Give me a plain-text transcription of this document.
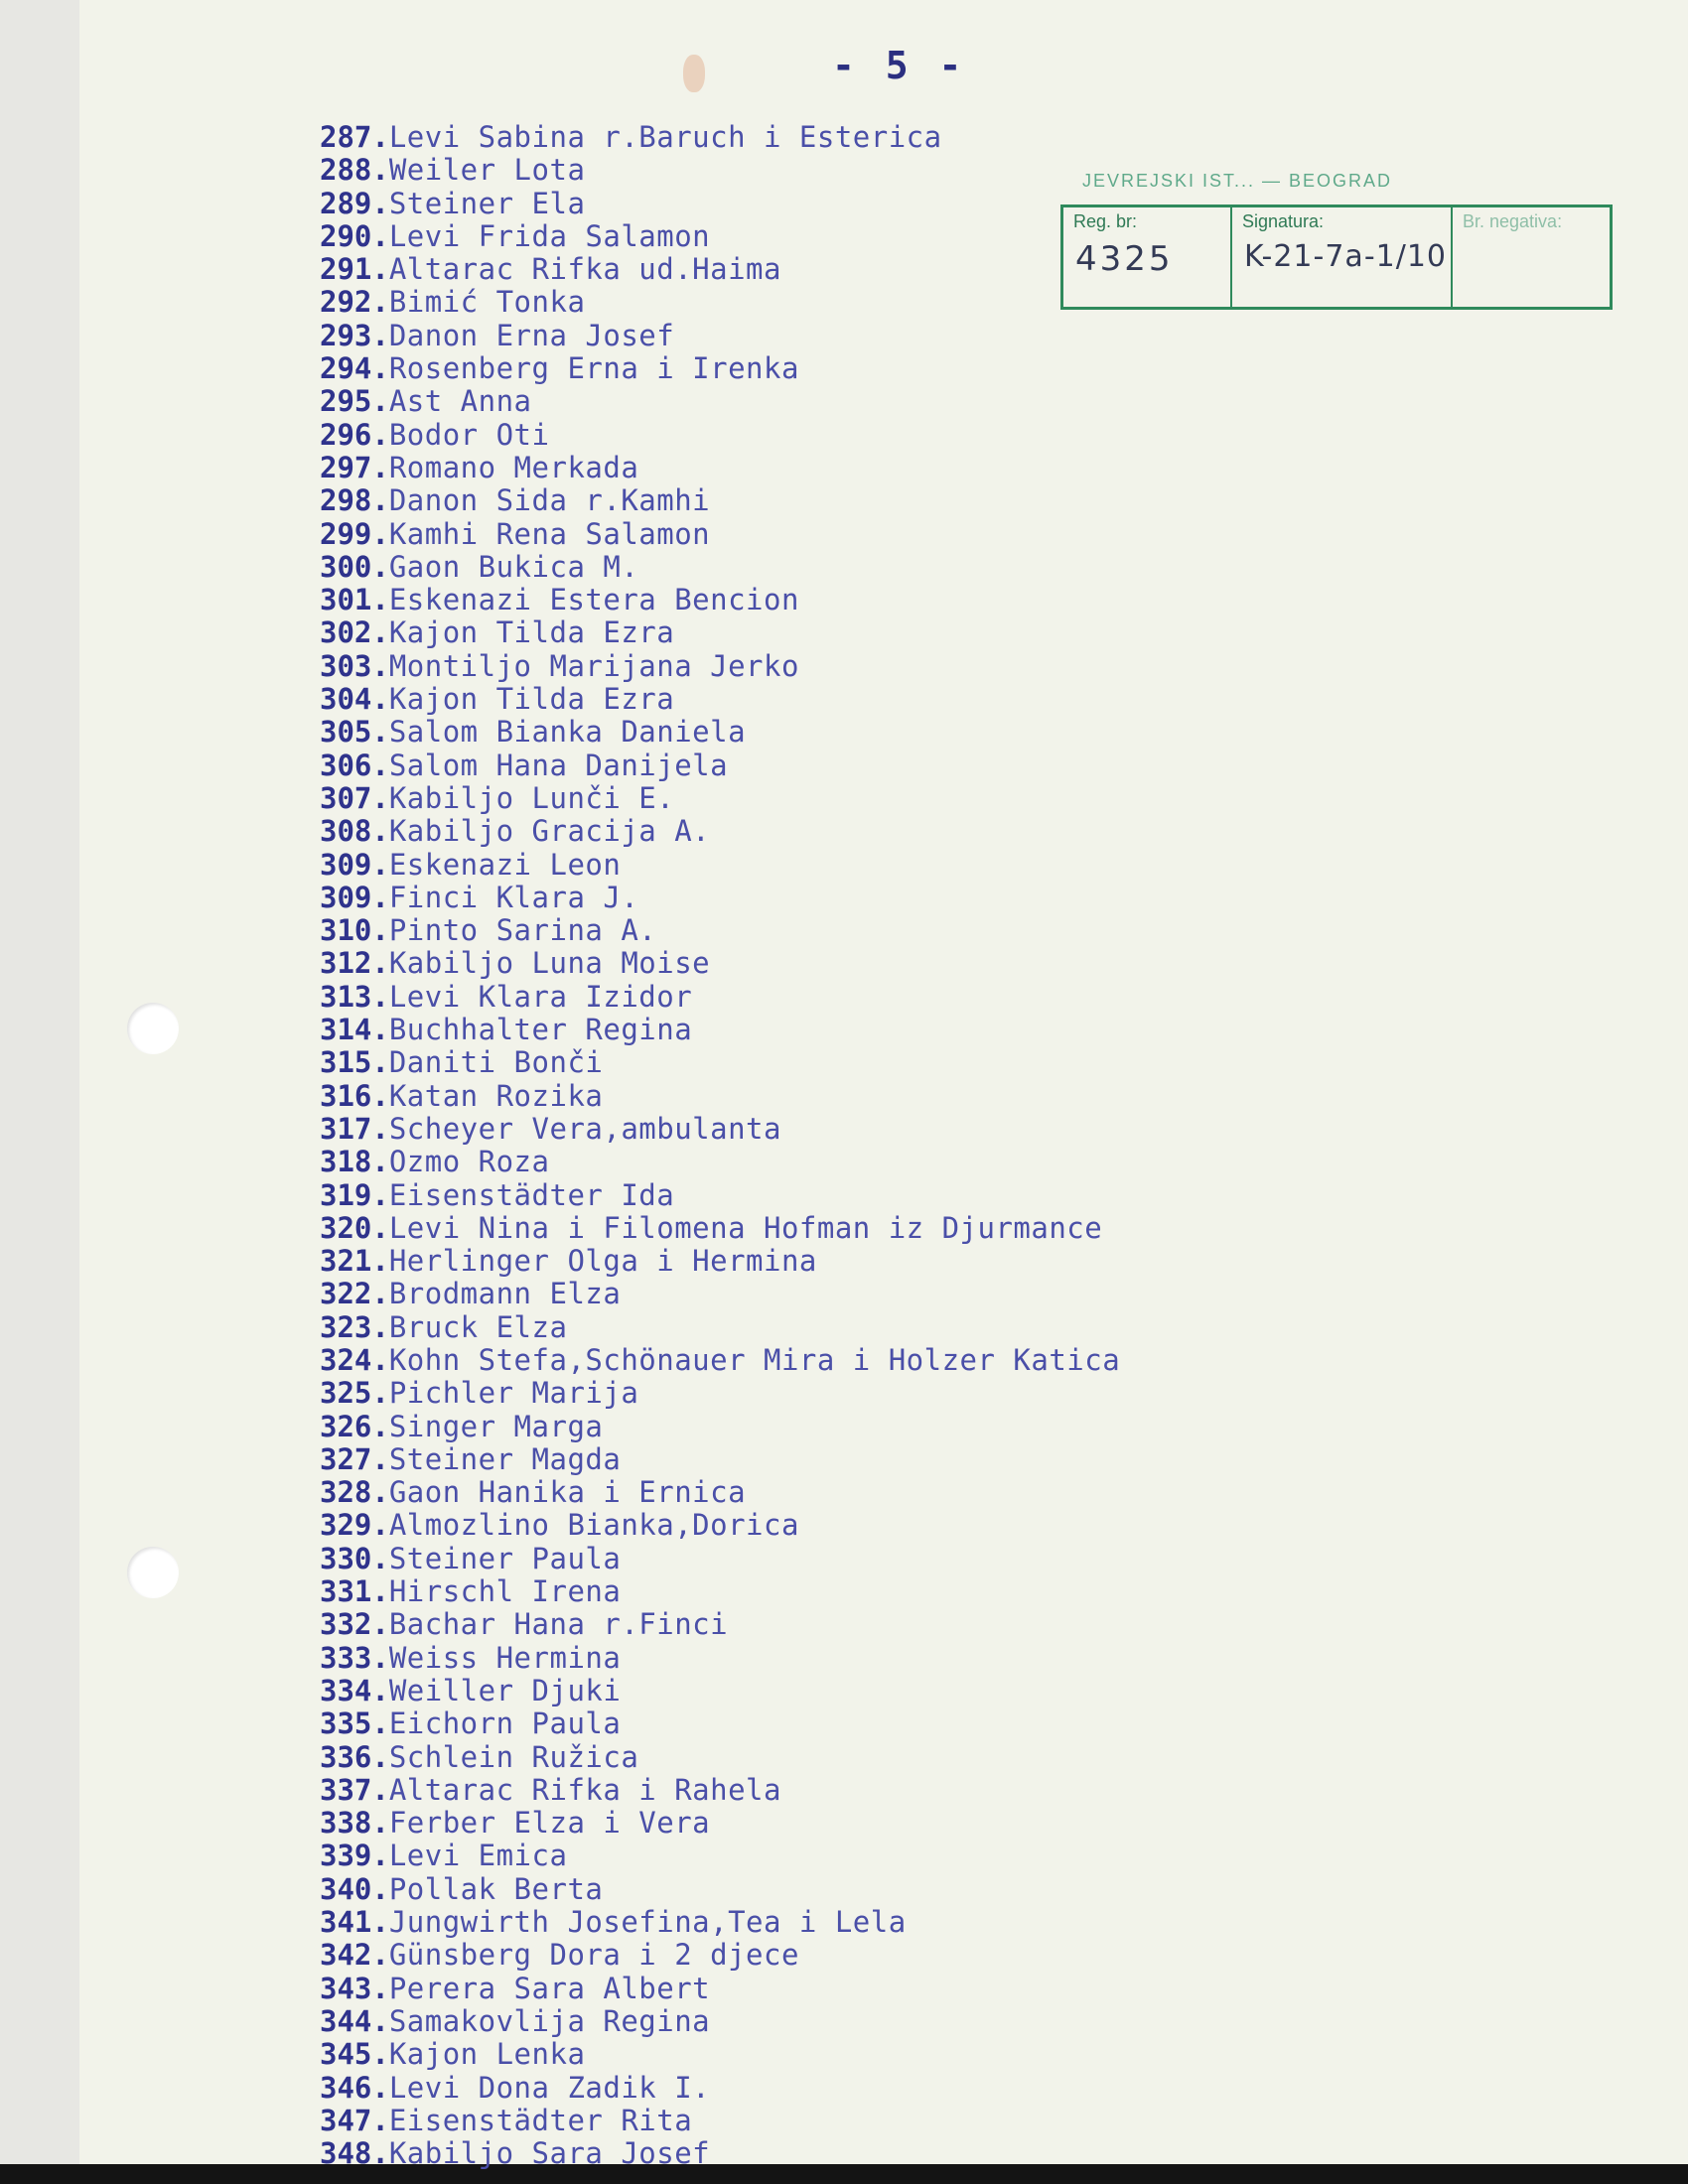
- 5 -
JEVREJSKI IST... — BEOGRAD
Reg. br:
4325
Signatura:
K-21-7a-1/10
Br. negativa:
287.Levi Sabina r.Baruch i Esterica
288.Weiler Lota
289.Steiner Ela
290.Levi Frida Salamon
291.Altarac Rifka ud.Haima
292.Bimić Tonka
293.Danon Erna Josef
294.Rosenberg Erna i Irenka
295.Ast Anna
296.Bodor Oti
297.Romano Merkada
298.Danon Sida r.Kamhi
299.Kamhi Rena Salamon
300.Gaon Bukica M.
301.Eskenazi Estera Bencion
302.Kajon Tilda Ezra
303.Montiljo Marijana Jerko
304.Kajon Tilda Ezra
305.Salom Bianka Daniela
306.Salom Hana Danijela
307.Kabiljo Lunči E.
308.Kabiljo Gracija A.
309.Eskenazi Leon
309.Finci Klara J.
310.Pinto Sarina A.
312.Kabiljo Luna Moise
313.Levi Klara Izidor
314.Buchhalter Regina
315.Daniti Bonči
316.Katan Rozika
317.Scheyer Vera,ambulanta
318.Ozmo Roza
319.Eisenstädter Ida
320.Levi Nina i Filomena Hofman iz Djurmance
321.Herlinger Olga i Hermina
322.Brodmann Elza
323.Bruck Elza
324.Kohn Stefa,Schönauer Mira i Holzer Katica
325.Pichler Marija
326.Singer Marga
327.Steiner Magda
328.Gaon Hanika i Ernica
329.Almozlino Bianka,Dorica
330.Steiner Paula
331.Hirschl Irena
332.Bachar Hana r.Finci
333.Weiss Hermina
334.Weiller Djuki
335.Eichorn Paula
336.Schlein Ružica
337.Altarac Rifka i Rahela
338.Ferber Elza i Vera
339.Levi Emica
340.Pollak Berta
341.Jungwirth Josefina,Tea i Lela
342.Günsberg Dora i 2 djece
343.Perera Sara Albert
344.Samakovlija Regina
345.Kajon Lenka
346.Levi Dona Zadik I.
347.Eisenstädter Rita
348.Kabiljo Sara Josef
